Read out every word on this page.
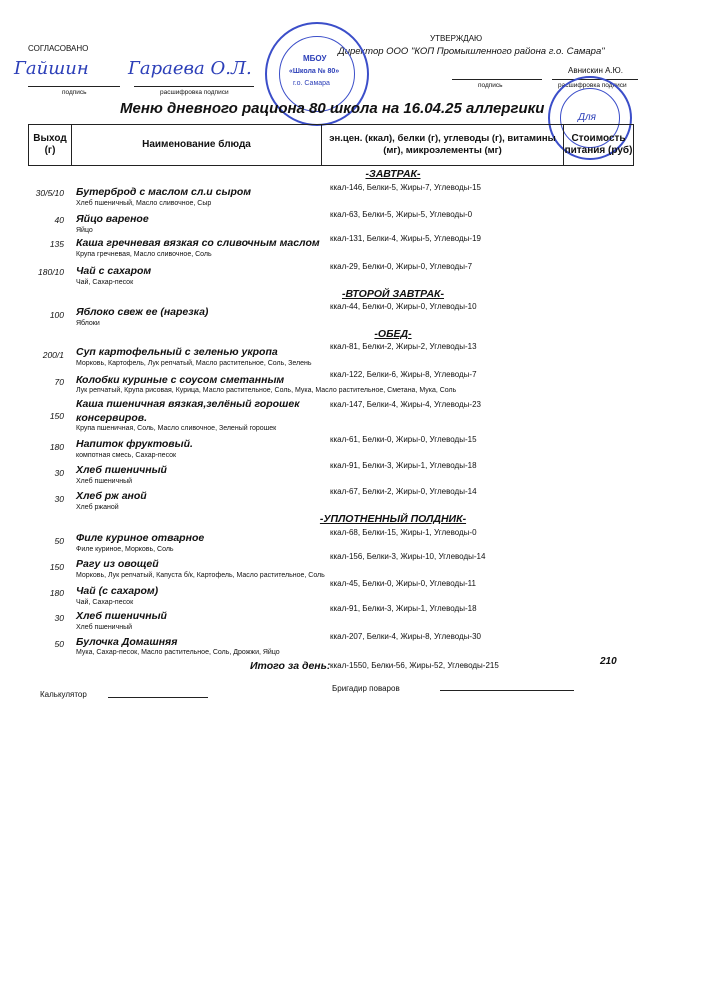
СОГЛАСОВАНО
Гайшин Гараева О.Л.
подпись	расшифровка подписи
УТВЕРЖДАЮ
Директор ООО "КОП Промышленного района г.о. Самара"
Авнискин А.Ю.
подпись	расшифровка подписи
МБОУ
«Школа № 80»
г.о. Самара
Для
Меню дневного рациона 80 школа на 16.04.25 аллергики
Выход (г)
Наименование блюда
эн.цен. (ккал), белки (г), углеводы (г), витамины (мг), микроэлементы (мг)
Стоимость питания (руб)
-ЗАВТРАК-
-ВТОРОЙ ЗАВТРАК-
-ОБЕД-
-УПЛОТНЕННЫЙ ПОЛДНИК-
30/5/10 Бутерброд с маслом сл.и сыром
Хлеб пшеничный, Масло сливочное, Сыр
ккал-146, Белки-5, Жиры-7, Углеводы-15
40 Яйцо вареное
Яйцо
ккал-63, Белки-5, Жиры-5, Углеводы-0
135 Каша гречневая вязкая со сливочным маслом
Крупа гречневая, Масло сливочное, Соль
ккал-131, Белки-4, Жиры-5, Углеводы-19
180/10 Чай с сахаром
Чай, Сахар-песок
ккал-29, Белки-0, Жиры-0, Углеводы-7
100 Яблоко свеж ее (нарезка)
Яблоки
ккал-44, Белки-0, Жиры-0, Углеводы-10
200/1 Суп картофельный с зеленью укропа
Морковь, Картофель, Лук репчатый, Масло растительное, Соль, Зелень
ккал-81, Белки-2, Жиры-2, Углеводы-13
70 Колобки куриные с соусом сметанным
Лук репчатый, Крупа рисовая, Курица, Масло растительное, Соль, Мука, Масло растительное, Сметана, Мука, Соль
ккал-122, Белки-6, Жиры-8, Углеводы-7
150
Каша пшеничная вязкая,зелёный горошек
консервиров.
Крупа пшеничная, Соль, Масло сливочное, Зеленый горошек
ккал-147, Белки-4, Жиры-4, Углеводы-23
180 Напиток фруктовый.
компотная смесь, Сахар-песок
ккал-61, Белки-0, Жиры-0, Углеводы-15
30 Хлеб пшеничный
Хлеб пшеничный
ккал-91, Белки-3, Жиры-1, Углеводы-18
30 Хлеб рж аной
Хлеб ржаной
ккал-67, Белки-2, Жиры-0, Углеводы-14
50 Филе куриное отварное
Филе куриное, Морковь, Соль
ккал-68, Белки-15, Жиры-1, Углеводы-0
150 Рагу из овощей
Морковь, Лук репчатый, Капуста б/к, Картофель, Масло растительное, Соль
ккал-156, Белки-3, Жиры-10, Углеводы-14
180 Чай (с сахаром)
Чай, Сахар-песок
ккал-45, Белки-0, Жиры-0, Углеводы-11
30 Хлеб пшеничный
Хлеб пшеничный
ккал-91, Белки-3, Жиры-1, Углеводы-18
50 Булочка Домашняя
Мука, Сахар-песок, Масло растительное, Соль, Дрожжи, Яйцо
ккал-207, Белки-4, Жиры-8, Углеводы-30
Итого за день: ккал-1550, Белки-56, Жиры-52, Углеводы-215	210
Калькулятор
Бригадир поваров
